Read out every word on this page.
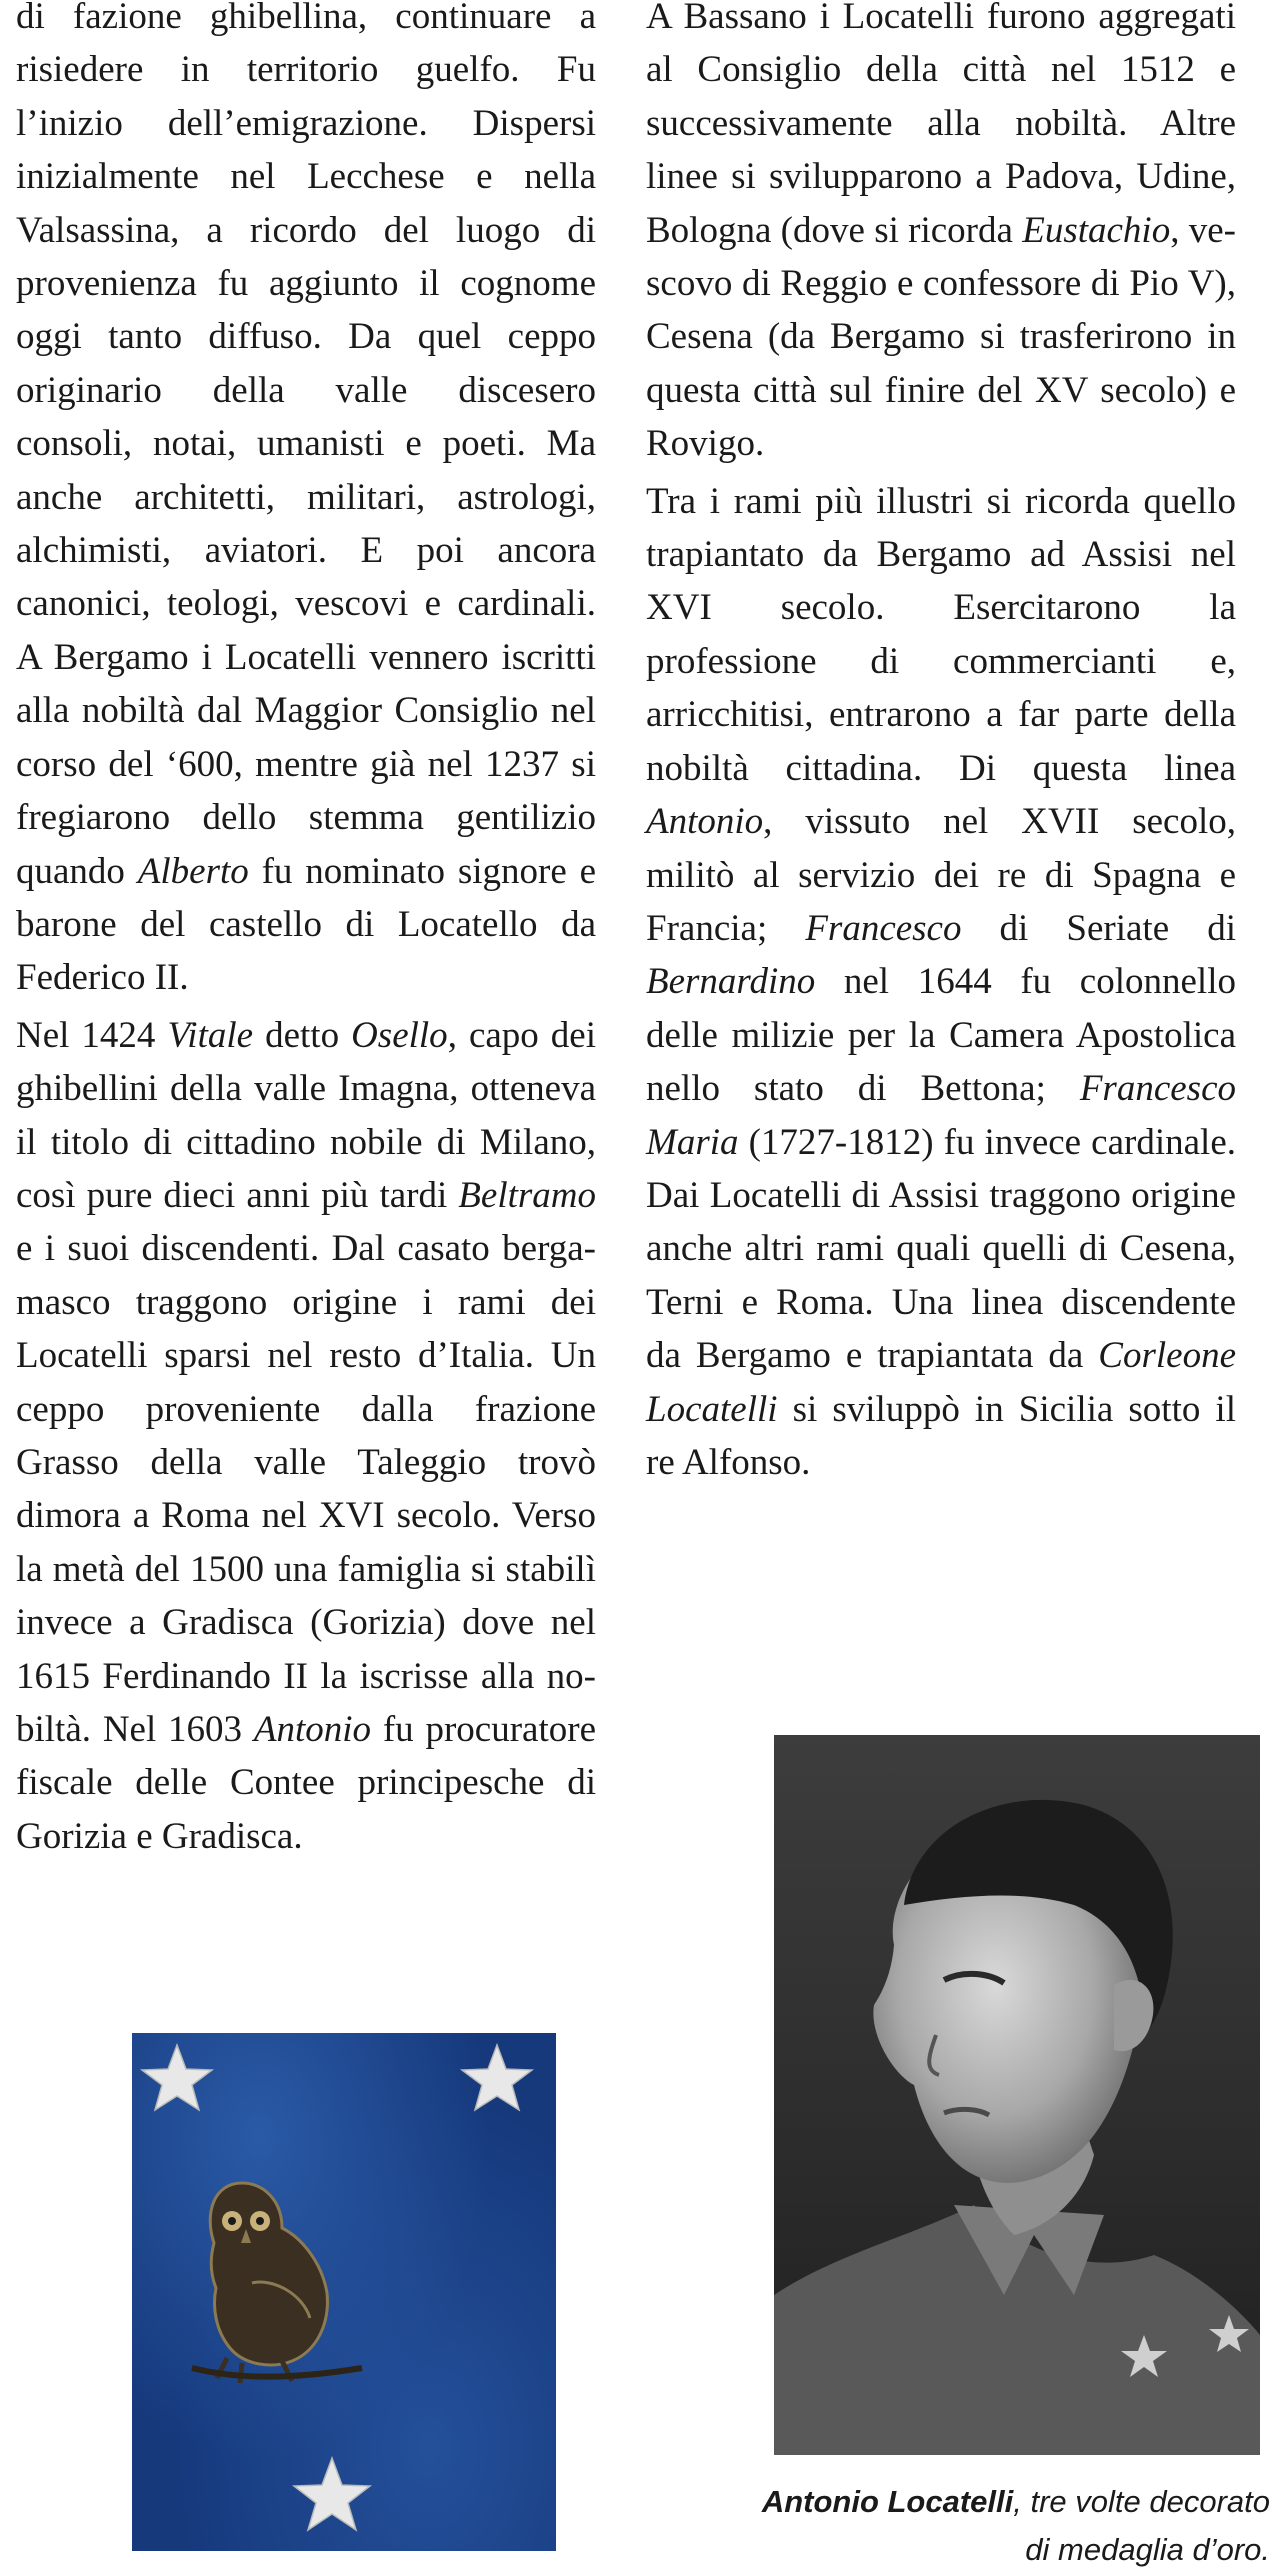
di fazione ghibellina, continuare a risiedere in territorio guelfo. Fu l’inizio dell’emigrazione. Dispersi inizialmente nel Lecchese e nella Valsassina, a ricordo del luogo di provenienza fu aggiunto il cognome oggi tanto diffuso. Da quel ceppo originario della valle discesero consoli, notai, umanisti e poeti. Ma anche architetti, militari, astrologi, alchimisti, aviatori. E poi ancora canonici, teologi, vescovi e cardinali. A Bergamo i Locatelli vennero iscritti alla nobiltà dal Maggior Consiglio nel corso del ‘600, mentre già nel 1237 si fregiarono dello stemma gentilizio quando Alberto fu nominato signore e barone del castello di Locatello da Federico II.

Nel 1424 Vitale detto Osello, capo dei ghibellini della valle Imagna, otteneva il titolo di cittadino nobile di Milano, così pure dieci anni più tardi Beltramo e i suoi discendenti. Dal casato bergamasco traggono origine i rami dei Locatelli sparsi nel resto d’Italia. Un ceppo proveniente dalla frazione Grasso della valle Taleggio trovò dimora a Roma nel XVI secolo. Verso la metà del 1500 una famiglia si stabilì invece a Gradisca (Gorizia) dove nel 1615 Ferdinando II la iscrisse alla nobiltà. Nel 1603 Antonio fu procuratore fiscale delle Contee principesche di Gorizia e Gradisca.

A Bassano i Locatelli furono aggregati al Consiglio della città nel 1512 e successivamente alla nobiltà. Altre linee si svilupparono a Padova, Udine, Bologna (dove si ricorda Eustachio, vescovo di Reggio e confessore di Pio V), Cesena (da Bergamo si trasferirono in questa città sul finire del XV secolo) e Rovigo.

Tra i rami più illustri si ricorda quello trapiantato da Bergamo ad Assisi nel XVI secolo. Esercitarono la professione di commercianti e, arricchitisi, entrarono a far parte della nobiltà cittadina. Di questa linea Antonio, vissuto nel XVII secolo, militò al servizio dei re di Spagna e Francia; Francesco di Seriate di Bernardino nel 1644 fu colonnello delle milizie per la Camera Apostolica nello stato di Bettona; Francesco Maria (1727-1812) fu invece cardinale. Dai Locatelli di Assisi traggono origine anche altri rami quali quelli di Cesena, Terni e Roma. Una linea discendente da Bergamo e trapiantata da Corleone Locatelli si sviluppò in Sicilia sotto il re Alfonso.

Antonio Locatelli, tre volte decorato di medaglia d’oro.
